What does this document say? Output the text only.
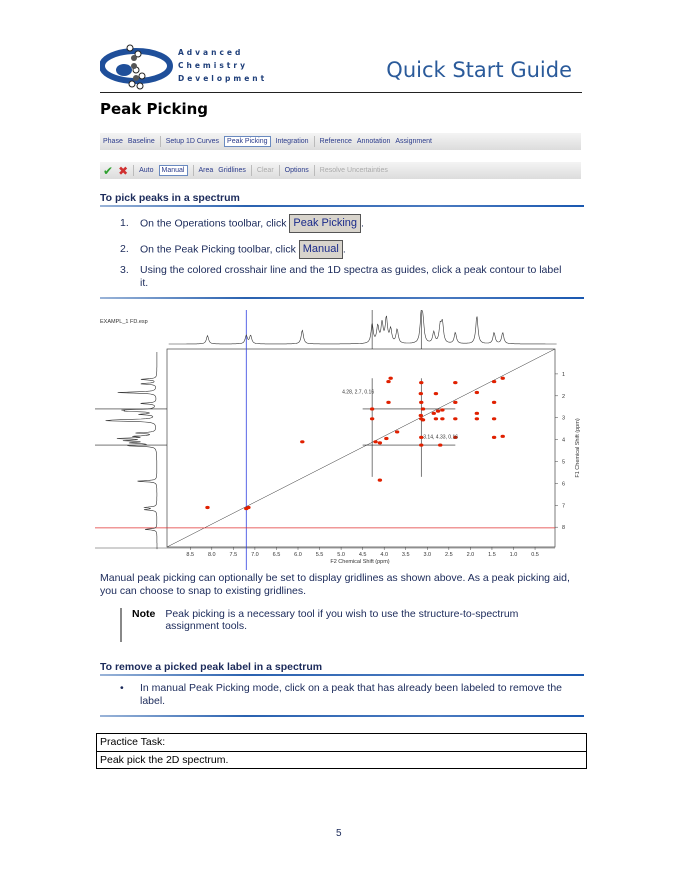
Advanced
Chemistry
Development	Quick Start Guide
Peak Picking
Phase Baseline Setup 1D Curves	Peak Picking	Integration Reference Annotation Assignment
✔ ✖ Auto	Manual	Area Gridlines Clear Options Resolve Uncertainties
To pick peaks in a spectrum
1. On the Operations toolbar, click Peak Picking .
2. On the Peak Picking toolbar, click Manual .
3.	Using the colored crosshair line and the 1D spectra as guides, click a peak contour to label it.
EXAMPL_1 FD.esp
4.28, 2.7, 0.16
3.14, 4.33, 0.16
8.5	8.0	7.5	7.0	6.5	6.0	5.5	5.0	4.5	4.0	3.5	3.0	2.5	2.0	1.5	1.0	0.5
1
2
3
4
5
6
7
8
F2 Chemical Shift (ppm)
F1 Chemical Shift (ppm)
Manual peak picking can optionally be set to display gridlines as shown above. As a peak picking aid, you can choose to snap to existing gridlines.
Note Peak picking is a necessary tool if you wish to use the structure-to-spectrum assignment tools.
To remove a picked peak label in a spectrum
•	In manual Peak Picking mode, click on a peak that has already been labeled to remove the label.
Practice Task:
Peak pick the 2D spectrum.
5
